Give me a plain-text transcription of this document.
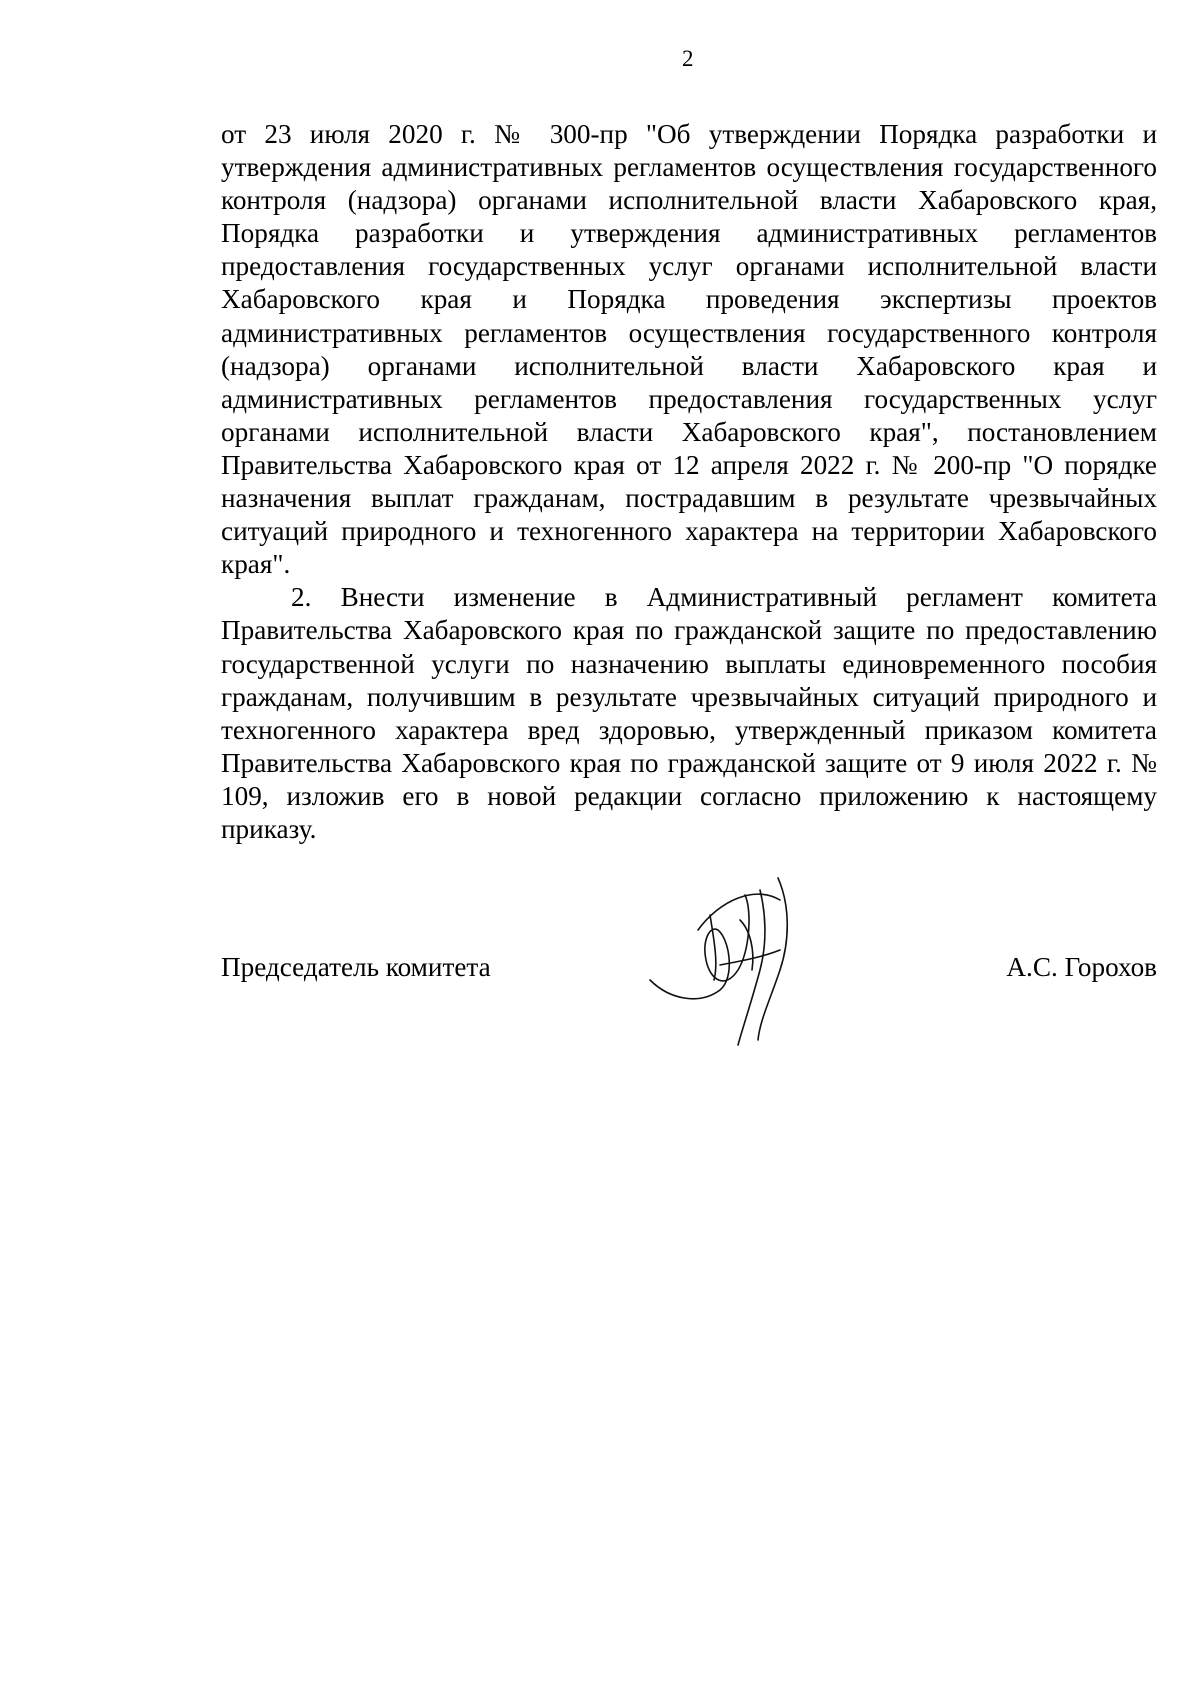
2

от 23 июля 2020 г. № 300-пр "Об утверждении Порядка разработки и утверждения административных регламентов осуществления государственного контроля (надзора) органами исполнительной власти Хабаровского края, Порядка разработки и утверждения административных регламентов предоставления государственных услуг органами исполнительной власти Хабаровского края и Порядка проведения экспертизы проектов административных регламентов осуществления государственного контроля (надзора) органами исполнительной власти Хабаровского края и административных регламентов предоставления государственных услуг органами исполнительной власти Хабаровского края", постановлением Правительства Хабаровского края от 12 апреля 2022 г. № 200-пр "О порядке назначения выплат гражданам, пострадавшим в результате чрезвычайных ситуаций природного и техногенного характера на территории Хабаровского края".

2. Внести изменение в Административный регламент комитета Правительства Хабаровского края по гражданской защите по предоставлению государственной услуги по назначению выплаты единовременного пособия гражданам, получившим в результате чрезвычайных ситуаций природного и техногенного характера вред здоровью, утвержденный приказом комитета Правительства Хабаровского края по гражданской защите от 9 июля 2022 г. № 109, изложив его в новой редакции согласно приложению к настоящему приказу.

Председатель комитета	А.С. Горохов
